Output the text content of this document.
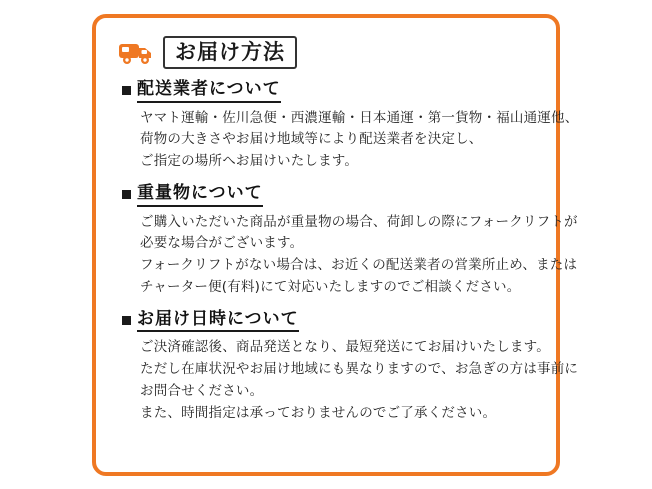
お届け方法
配送業者について

ヤマト運輸・佐川急便・西濃運輸・日本通運・第一貨物・福山通運他、

荷物の大きさやお届け地域等により配送業者を決定し、

ご指定の場所へお届けいたします。

重量物について

ご購入いただいた商品が重量物の場合、荷卸しの際にフォークリフトが

必要な場合がございます。

フォークリフトがない場合は、お近くの配送業者の営業所止め、または

チャーター便(有料)にて対応いたしますのでご相談ください。

お届け日時について

ご決済確認後、商品発送となり、最短発送にてお届けいたします。

ただし在庫状況やお届け地域にも異なりますので、お急ぎの方は事前に

お問合せください。

また、時間指定は承っておりませんのでご了承ください。
